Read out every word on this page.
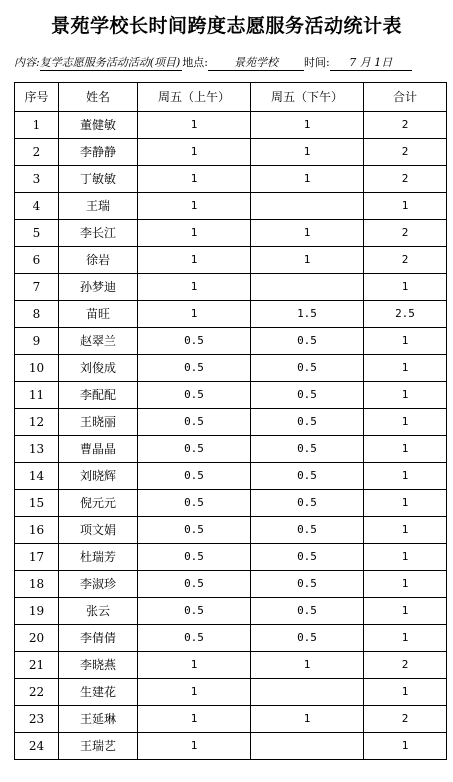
景苑学校长时间跨度志愿服务活动统计表
内容:复学志愿服务活动活动(项目) 地点: 景苑学校 时间: 7 月 1日
序号	姓名	周五（上午）	周五（下午）	合计
1	董健敏	1	1	2
2	李静静	1	1	2
3	丁敏敏	1	1	2
4	王瑞	1		1
5	李长江	1	1	2
6	徐岩	1	1	2
7	孙梦迪	1		1
8	苗旺	1	1.5	2.5
9	赵翠兰	0.5	0.5	1
10	刘俊成	0.5	0.5	1
11	李配配	0.5	0.5	1
12	王晓丽	0.5	0.5	1
13	曹晶晶	0.5	0.5	1
14	刘晓辉	0.5	0.5	1
15	倪元元	0.5	0.5	1
16	项文娟	0.5	0.5	1
17	杜瑞芳	0.5	0.5	1
18	李淑珍	0.5	0.5	1
19	张云	0.5	0.5	1
20	李倩倩	0.5	0.5	1
21	李晓燕	1	1	2
22	生建花	1		1
23	王延琳	1	1	2
24	王瑞艺	1		1
